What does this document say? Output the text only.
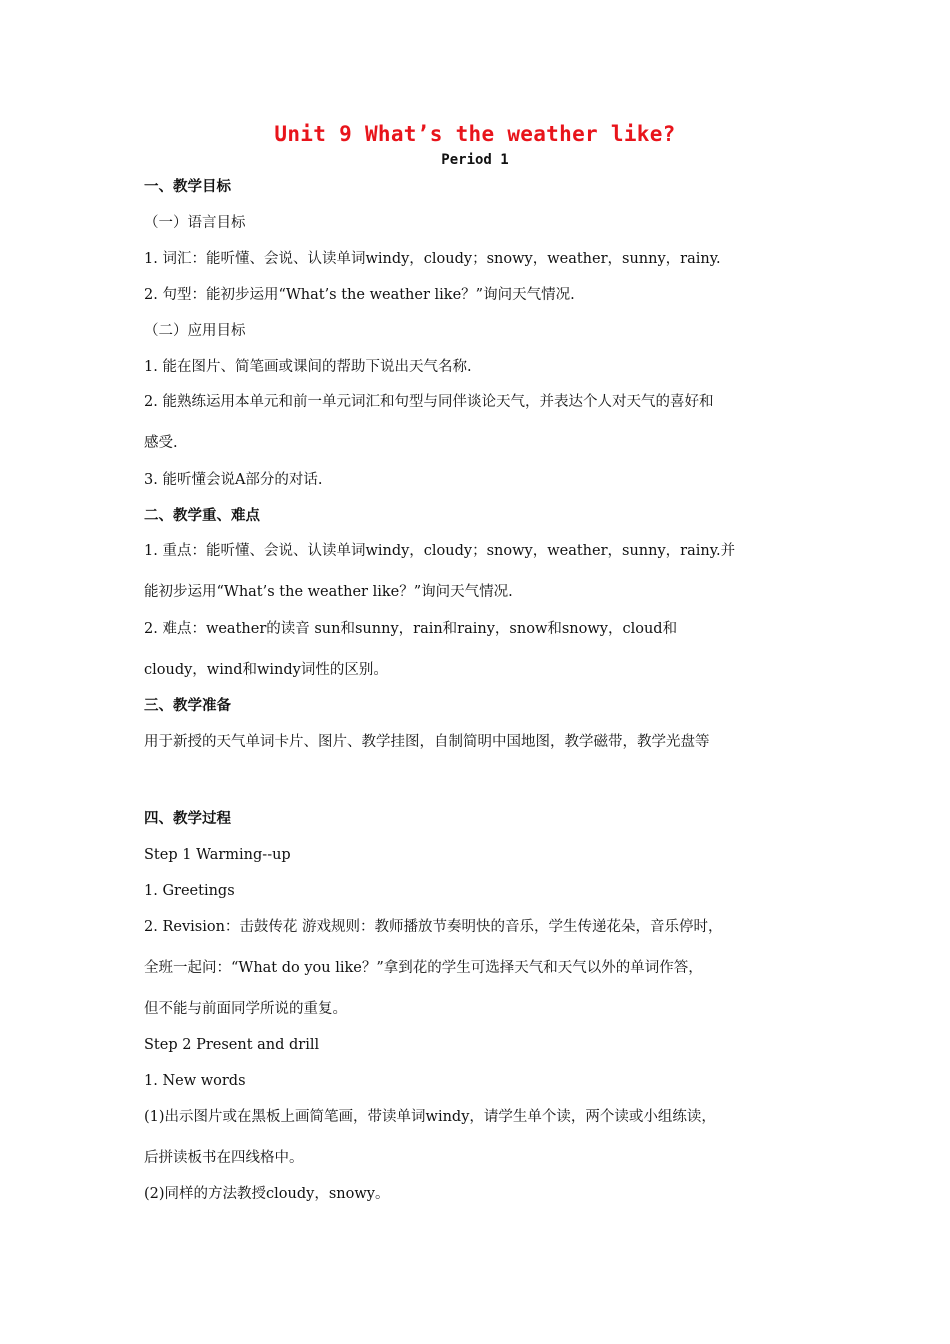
Unit 9 What’s the weather like?
Period 1
一、教学目标
（一）语言目标
1. 词汇：能听懂、会说、认读单词windy，cloudy；snowy，weather，sunny，rainy.
2. 句型：能初步运用“What’s the weather like？”询问天气情况.
（二）应用目标
1. 能在图片、简笔画或课间的帮助下说出天气名称.
2. 能熟练运用本单元和前一单元词汇和句型与同伴谈论天气，并表达个人对天气的喜好和
感受.
3. 能听懂会说A部分的对话.
二、教学重、难点
1. 重点：能听懂、会说、认读单词windy，cloudy；snowy，weather，sunny，rainy.并
能初步运用“What’s the weather like？”询问天气情况.
2. 难点：weather的读音 sun和sunny，rain和rainy，snow和snowy，cloud和
cloudy，wind和windy词性的区别。
三、教学准备
用于新授的天气单词卡片、图片、教学挂图，自制简明中国地图，教学磁带，教学光盘等
四、教学过程
Step 1 Warming--up
1. Greetings
2. Revision：击鼓传花 游戏规则：教师播放节奏明快的音乐，学生传递花朵，音乐停时，
全班一起问：“What do you like？”拿到花的学生可选择天气和天气以外的单词作答，
但不能与前面同学所说的重复。
Step 2 Present and drill
1. New words
(1)出示图片或在黑板上画简笔画，带读单词windy，请学生单个读，两个读或小组练读，
后拼读板书在四线格中。
(2)同样的方法教授cloudy，snowy。
